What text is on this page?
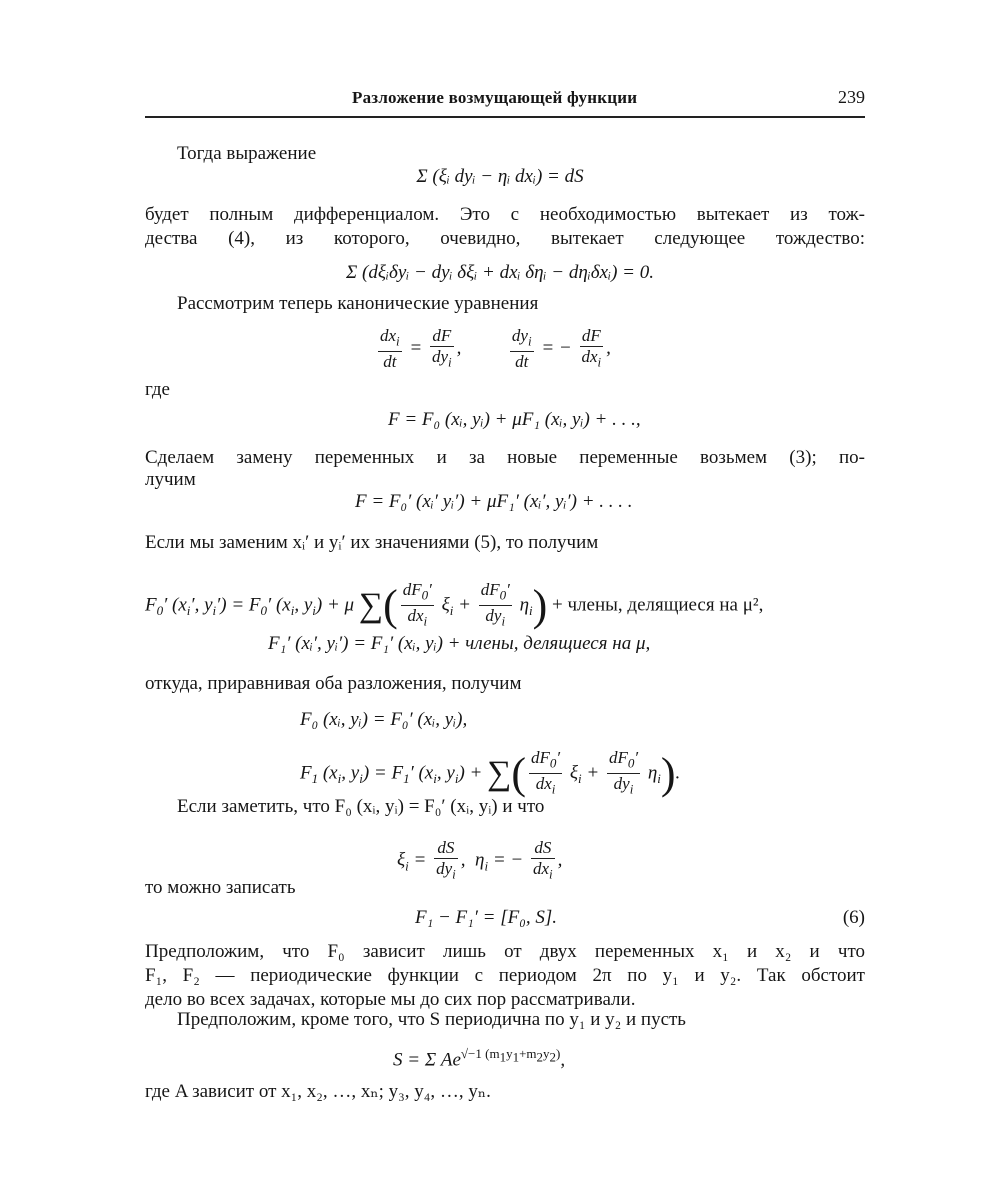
Разложение возмущающей функции	239
Тогда выражение
Σ (ξᵢ dyᵢ − ηᵢ dxᵢ) = dS
будет полным дифференциалом. Это с необходимостью вытекает из тож-
дества (4), из которого, очевидно, вытекает следующее тождество:
Σ (dξᵢδyᵢ − dyᵢ δξᵢ + dxᵢ δηᵢ − dηᵢδxᵢ) = 0.
Рассмотрим теперь канонические уравнения
$\frac{dx_i}{dt} = \frac{dF}{dy_i}$ ,	$\frac{dy_i}{dt}$ = − $\frac{dF}{dx_i}$ ,
где
F = F₀ (xᵢ, yᵢ) + μF₁ (xᵢ, yᵢ) + . . .,
Сделаем замену переменных и за новые переменные возьмем (3); по-
лучим
F = F₀′ (xᵢ′ yᵢ′) + μF₁′ (xᵢ′, yᵢ′) + . . . .
Если мы заменим xᵢ′ и yᵢ′ их значениями (5), то получим
$F_0'$ ($x_i'$, $y_i') = F_0'$ ($x_i$, $y_i) + \mu$ ∑( $\frac{dF_0'}{dx_i} \xi_i + \frac{dF_0'}{dy_i} \eta_i$) + члены, делящиеся на μ²,
F₁′ (xᵢ′, yᵢ′) = F₁′ (xᵢ, yᵢ) + члены, делящиеся на μ,
откуда, приравнивая оба разложения, получим
F₀ (xᵢ, yᵢ) = F₀′ (xᵢ, yᵢ),
$F_1$ ($x_i$, $y_i) = F_1'$ ($x_i$, $y_i$) + ∑( $\frac{dF_0'}{dx_i} \xi_i + \frac{dF_0'}{dy_i} \eta_i$).
Если заметить, что F₀ (xᵢ, yᵢ) = F₀′ (xᵢ, yᵢ) и что
$\xi_i = \frac{dS}{dy_i}$ ,  $\eta_i$ = − $\frac{dS}{dx_i}$ ,
то можно записать
F₁ − F₁′ = [F₀, S].	(6)
Предположим, что F₀ зависит лишь от двух переменных x₁ и x₂ и что
F₁, F₂ — периодические функции с периодом 2π по y₁ и y₂. Так обстоит
дело во всех задачах, которые мы до сих пор рассматривали.
Предположим, кроме того, что S периодична по y₁ и y₂ и пусть
S = Σ $Ae^{√-1 (m_1y_1+m_2y_2)}$,
где A зависит от x₁, x₂, …, xₙ; y₃, y₄, …, yₙ.
